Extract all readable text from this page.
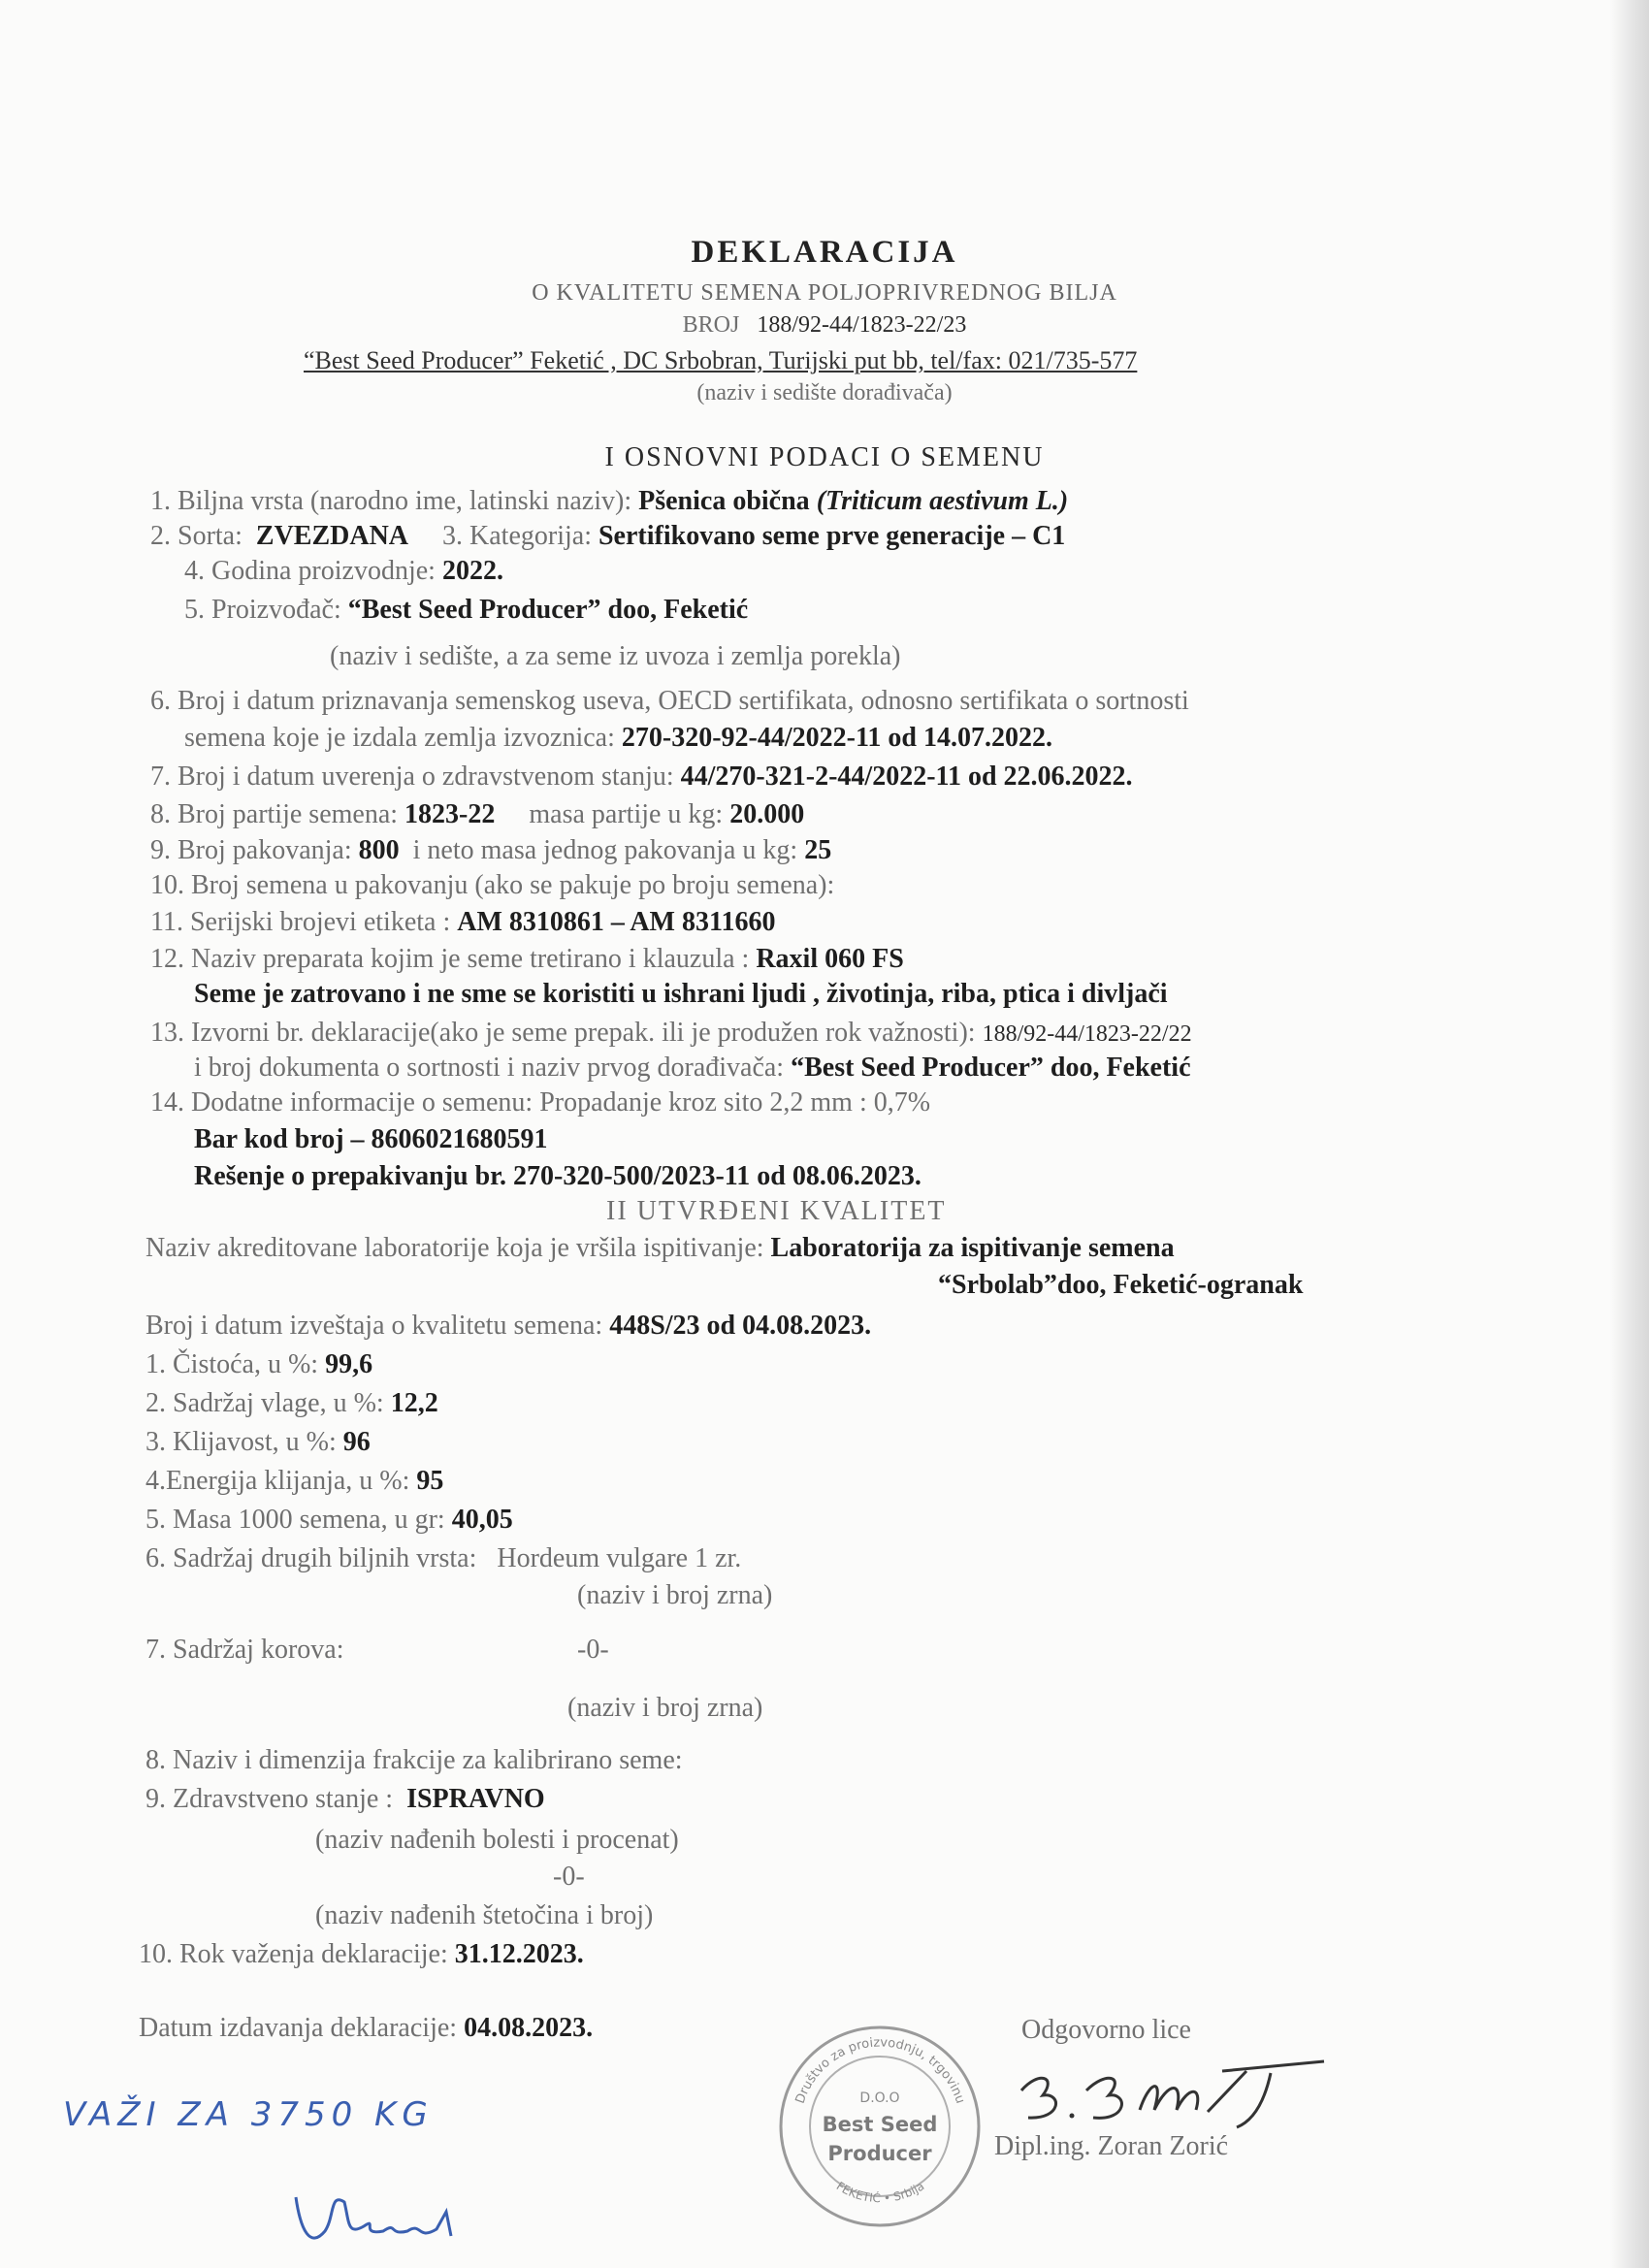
DEKLARACIJA
O KVALITETU SEMENA POLJOPRIVREDNOG BILJA
BROJ 188/92-44/1823-22/23
“Best Seed Producer” Feketić , DC Srbobran, Turijski put bb, tel/fax: 021/735-577
(naziv i sedište dorađivača)
I OSNOVNI PODACI O SEMENU
1. Biljna vrsta (narodno ime, latinski naziv): Pšenica obična (Triticum aestivum L.)
2. Sorta: ZVEZDANA 3. Kategorija: Sertifikovano seme prve generacije – C1
4. Godina proizvodnje: 2022.
5. Proizvođač: “Best Seed Producer” doo, Feketić
(naziv i sedište, a za seme iz uvoza i zemlja porekla)
6. Broj i datum priznavanja semenskog useva, OECD sertifikata, odnosno sertifikata o sortnosti
semena koje je izdala zemlja izvoznica: 270-320-92-44/2022-11 od 14.07.2022.
7. Broj i datum uverenja o zdravstvenom stanju: 44/270-321-2-44/2022-11 od 22.06.2022.
8. Broj partije semena: 1823-22 masa partije u kg: 20.000
9. Broj pakovanja: 800 i neto masa jednog pakovanja u kg: 25
10. Broj semena u pakovanju (ako se pakuje po broju semena):
11. Serijski brojevi etiketa : AM 8310861 – AM 8311660
12. Naziv preparata kojim je seme tretirano i klauzula : Raxil 060 FS
Seme je zatrovano i ne sme se koristiti u ishrani ljudi , životinja, riba, ptica i divljači
13. Izvorni br. deklaracije(ako je seme prepak. ili je produžen rok važnosti): 188/92-44/1823-22/22
i broj dokumenta o sortnosti i naziv prvog dorađivača: “Best Seed Producer” doo, Feketić
14. Dodatne informacije o semenu: Propadanje kroz sito 2,2 mm : 0,7%
Bar kod broj – 8606021680591
Rešenje o prepakivanju br. 270-320-500/2023-11 od 08.06.2023.
II UTVRĐENI KVALITET
Naziv akreditovane laboratorije koja je vršila ispitivanje: Laboratorija za ispitivanje semena
“Srbolab”doo, Feketić-ogranak
Broj i datum izveštaja o kvalitetu semena: 448S/23 od 04.08.2023.
1. Čistoća, u %: 99,6
2. Sadržaj vlage, u %: 12,2
3. Klijavost, u %: 96
4.Energija klijanja, u %: 95
5. Masa 1000 semena, u gr: 40,05
6. Sadržaj drugih biljnih vrsta: Hordeum vulgare 1 zr.
(naziv i broj zrna)
7. Sadržaj korova:	-0-
(naziv i broj zrna)
8. Naziv i dimenzija frakcije za kalibrirano seme:
9. Zdravstveno stanje : ISPRAVNO
(naziv nađenih bolesti i procenat)
-0-
(naziv nađenih štetočina i broj)
10. Rok važenja deklaracije: 31.12.2023.
Datum izdavanja deklaracije: 04.08.2023.	Odgovorno lice
Dipl.ing. Zoran Zorić
VAŽI ZA 3750 KG	Društvo za proizvodnju, trgovinu
FEKETIĆ • Srbija
D.O.O
Best Seed
Producer
